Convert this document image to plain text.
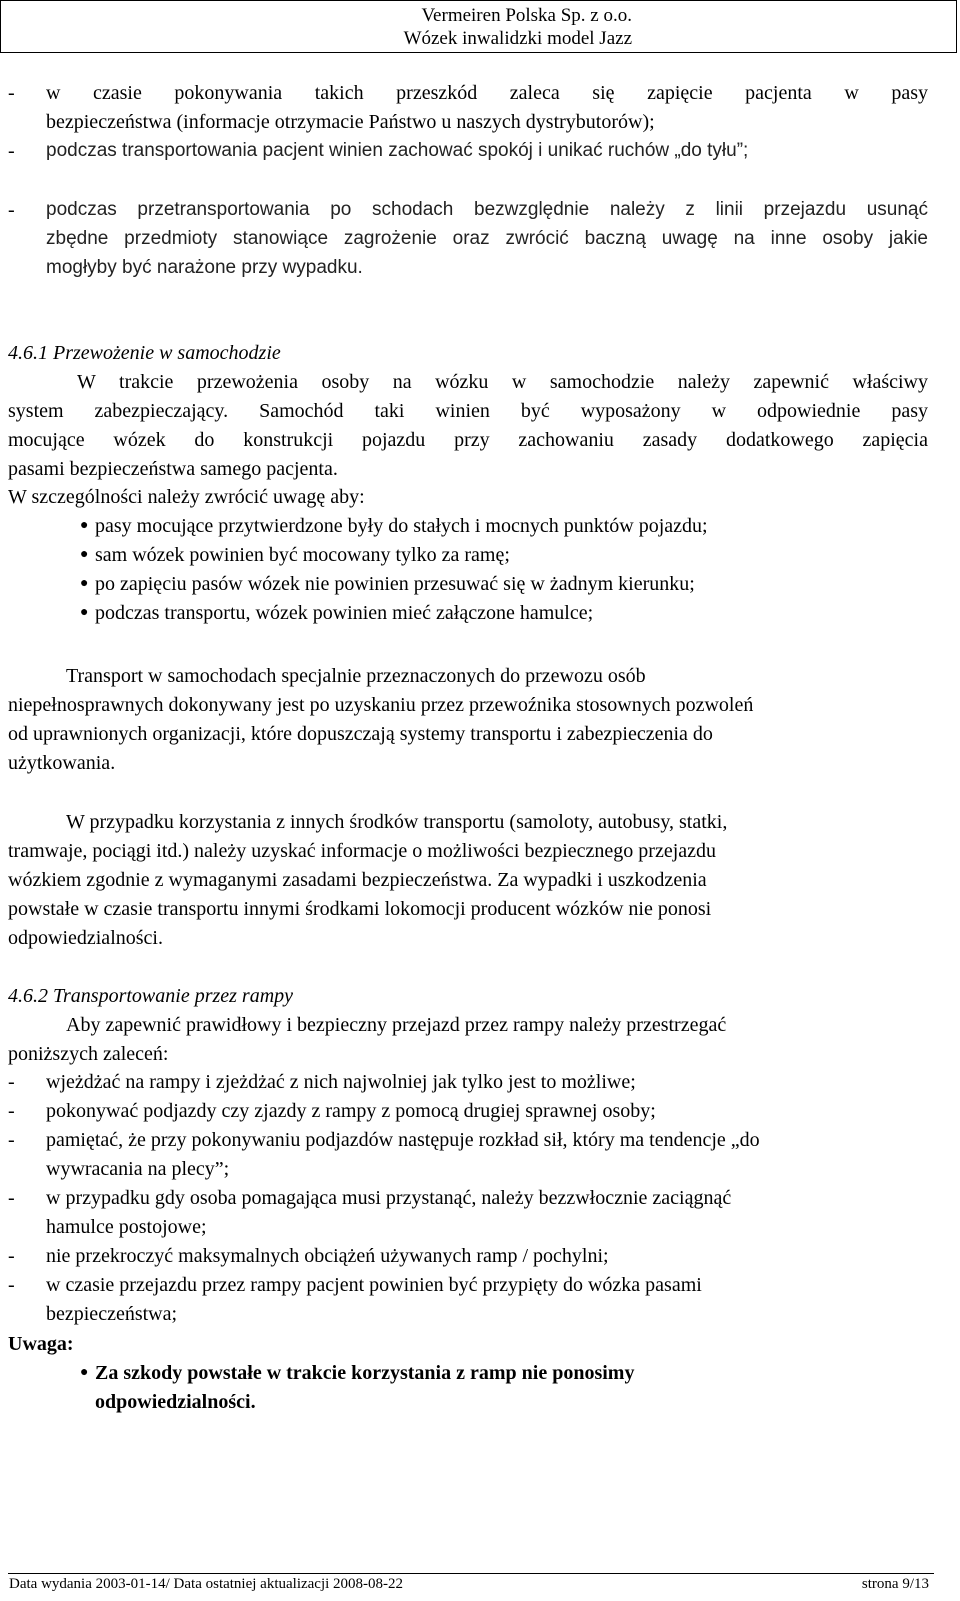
Vermeiren Polska Sp. z o.o.
Wózek inwalidzki model Jazz
- w czasie pokonywania takich przeszkód zaleca się zapięcie pacjenta w pasy
bezpieczeństwa (informacje otrzymacie Państwo u naszych dystrybutorów);
- podczas transportowania pacjent winien zachować spokój i unikać ruchów „do tyłu”;
- podczas przetransportowania po schodach bezwzględnie należy z linii przejazdu usunąć
zbędne przedmioty stanowiące zagrożenie oraz zwrócić baczną uwagę na inne osoby jakie
mogłyby być narażone przy wypadku.
4.6.1 Przewożenie w samochodzie
W trakcie przewożenia osoby na wózku w samochodzie należy zapewnić właściwy
system zabezpieczający. Samochód taki winien być wyposażony w odpowiednie pasy
mocujące wózek do konstrukcji pojazdu przy zachowaniu zasady dodatkowego zapięcia
pasami bezpieczeństwa samego pacjenta.
W szczególności należy zwrócić uwagę aby:
● pasy mocujące przytwierdzone były do stałych i mocnych punktów pojazdu;
● sam wózek powinien być mocowany tylko za ramę;
● po zapięciu pasów wózek nie powinien przesuwać się w żadnym kierunku;
● podczas transportu, wózek powinien mieć załączone hamulce;
Transport w samochodach specjalnie przeznaczonych do przewozu osób
niepełnosprawnych dokonywany jest po uzyskaniu przez przewoźnika stosownych pozwoleń
od uprawnionych organizacji, które dopuszczają systemy transportu i zabezpieczenia do
użytkowania.
W przypadku korzystania z innych środków transportu (samoloty, autobusy, statki,
tramwaje, pociągi itd.) należy uzyskać informacje o możliwości bezpiecznego przejazdu
wózkiem zgodnie z wymaganymi zasadami bezpieczeństwa. Za wypadki i uszkodzenia
powstałe w czasie transportu innymi środkami lokomocji producent wózków nie ponosi
odpowiedzialności.
4.6.2 Transportowanie przez rampy
Aby zapewnić prawidłowy i bezpieczny przejazd przez rampy należy przestrzegać
poniższych zaleceń:
- wjeżdżać na rampy i zjeżdżać z nich najwolniej jak tylko jest to możliwe;
- pokonywać podjazdy czy zjazdy z rampy z pomocą drugiej sprawnej osoby;
- pamiętać, że przy pokonywaniu podjazdów następuje rozkład sił, który ma tendencje „do
wywracania na plecy”;
- w przypadku gdy osoba pomagająca musi przystanąć, należy bezzwłocznie zaciągnąć
hamulce postojowe;
- nie przekroczyć maksymalnych obciążeń używanych ramp / pochylni;
- w czasie przejazdu przez rampy pacjent powinien być przypięty do wózka pasami
bezpieczeństwa;
Uwaga:
● Za szkody powstałe w trakcie korzystania z ramp nie ponosimy
odpowiedzialności.
Data wydania 2003-01-14/ Data ostatniej aktualizacji 2008-08-22	strona 9/13
